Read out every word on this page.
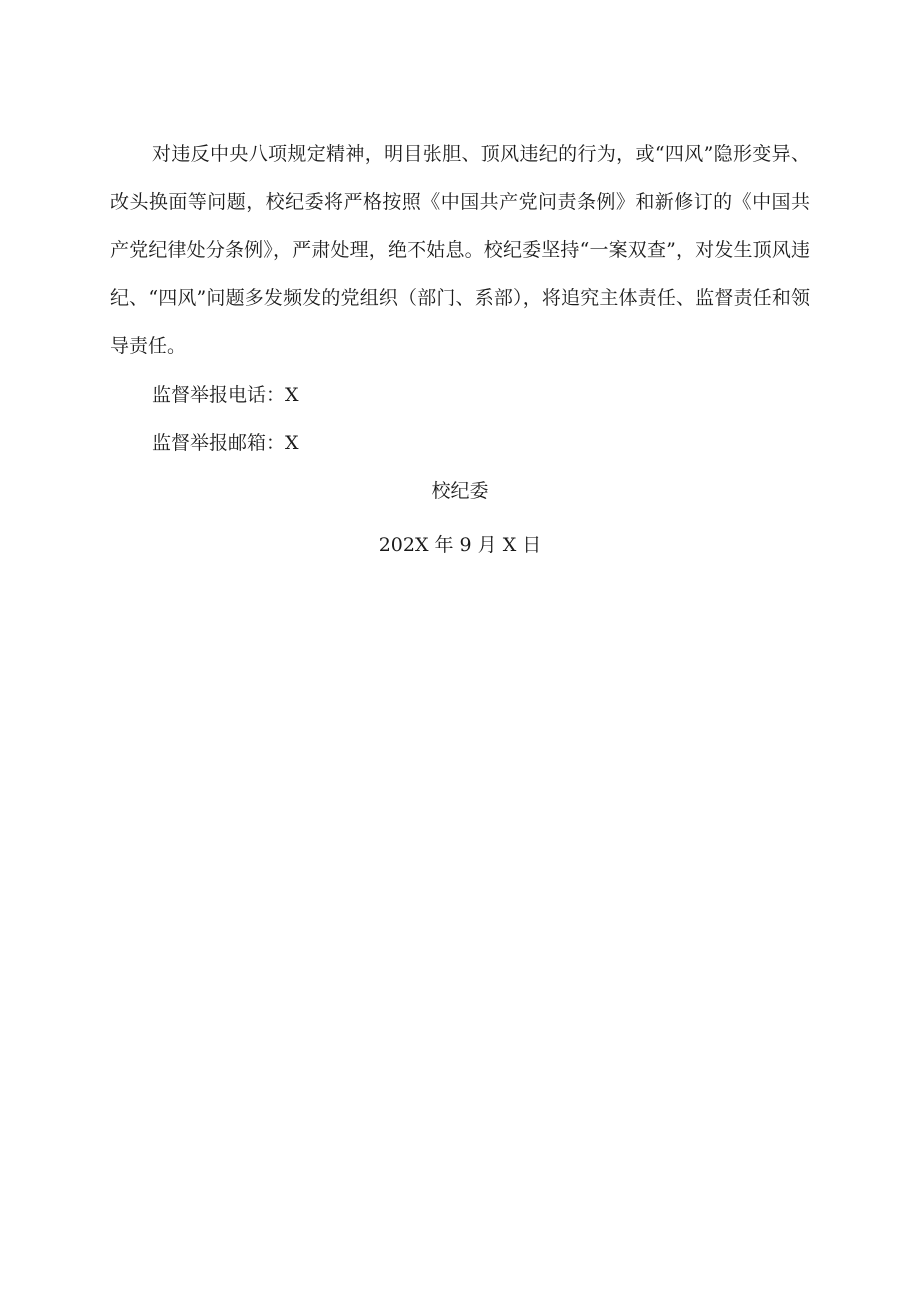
对违反中央八项规定精神，明目张胆、顶风违纪的行为，或“四风”隐形变异、改头换面等问题，校纪委将严格按照《中国共产党问责条例》和新修订的《中国共产党纪律处分条例》，严肃处理，绝不姑息。校纪委坚持“一案双查”，对发生顶风违纪、“四风”问题多发频发的党组织（部门、系部），将追究主体责任、监督责任和领导责任。

监督举报电话：X
监督举报邮箱：X
校纪委
202X 年 9 月 X 日
